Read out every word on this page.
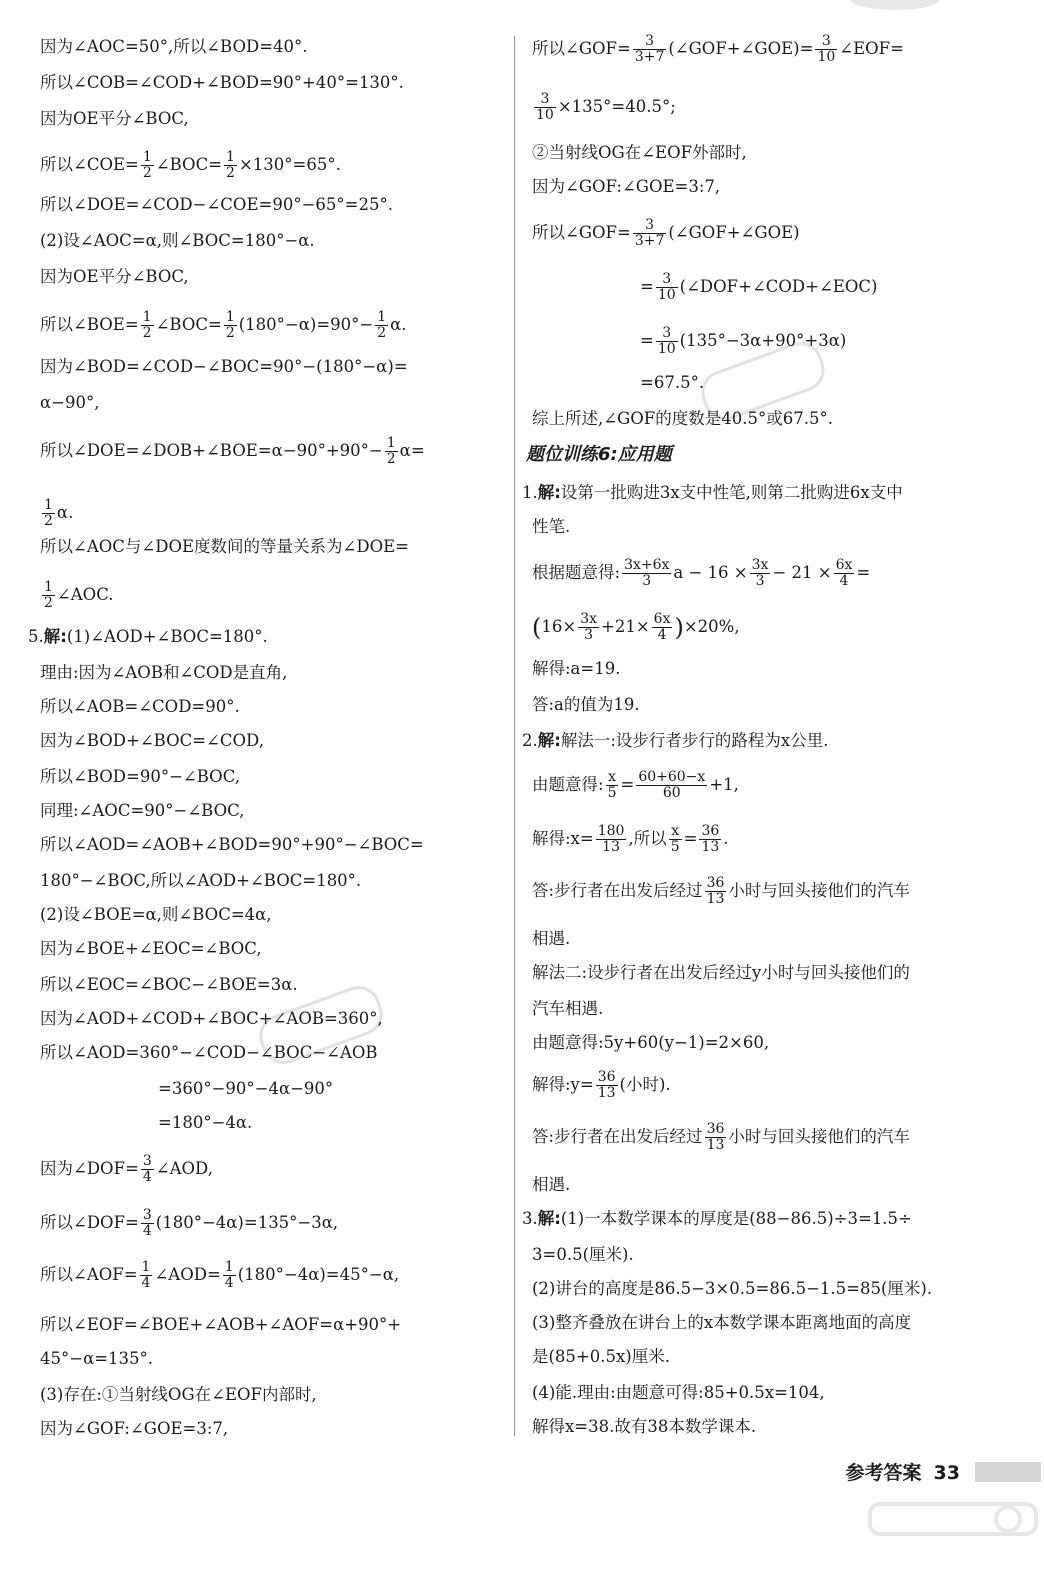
因为∠AOC=50°,所以∠BOD=40°.
所以∠COB=∠COD+∠BOD=90°+40°=130°.
因为OE平分∠BOC,
所以∠COE= $\frac{1}{2}$ ∠BOC= $\frac{1}{2} \times 130^\circ=65^\circ$.
所以∠DOE=∠COD−∠COE=90°−65°=25°.
(2)设∠AOC=α,则∠BOC=180°−α.
因为OE平分∠BOC,
所以∠BOE= $\frac{1}{2}$ ∠BOC= $\frac{1}{2} (180^\circ-\alpha)=90^\circ- \frac{1}{2} \alpha$.
因为∠BOD=∠COD−∠BOC=90°−(180°−α)=
α−90°,
所以∠DOE=∠DOB+∠BOE=α−90°+90°− $\frac{1}{2} \alpha=$
$\frac{1}{2} \alpha$.
所以∠AOC与∠DOE度数间的等量关系为∠DOE=
$\frac{1}{2}$ ∠AOC.
5.解:(1)∠AOD+∠BOC=180°.
理由:因为∠AOB和∠COD是直角,
所以∠AOB=∠COD=90°.
因为∠BOD+∠BOC=∠COD,
所以∠BOD=90°−∠BOC,
同理:∠AOC=90°−∠BOC,
所以∠AOD=∠AOB+∠BOD=90°+90°−∠BOC=
180°−∠BOC,所以∠AOD+∠BOC=180°.
(2)设∠BOE=α,则∠BOC=4α,
因为∠BOE+∠EOC=∠BOC,
所以∠EOC=∠BOC−∠BOE=3α.
因为∠AOD+∠COD+∠BOC+∠AOB=360°,
所以∠AOD=360°−∠COD−∠BOC−∠AOB
=360°−90°−4α−90°
=180°−4α.
因为∠DOF= $\frac{3}{4}$ ∠AOD,
所以∠DOF= $\frac{3}{4} (180^\circ-4\alpha)=135^\circ-3\alpha$,
所以∠AOF= $\frac{1}{4}$ ∠AOD= $\frac{1}{4} (180^\circ-4\alpha)=45^\circ-\alpha$,
所以∠EOF=∠BOE+∠AOB+∠AOF=α+90°+
45°−α=135°.
(3)存在:①当射线OG在∠EOF内部时,
因为∠GOF:∠GOE=3:7,
所以∠GOF= $\frac{3}{3+7}$ (∠GOF+∠GOE)= $\frac{3}{10}$ ∠EOF=
$\frac{3}{10} \times 135^\circ=40.5^\circ$;
②当射线OG在∠EOF外部时,
因为∠GOF:∠GOE=3:7,
所以∠GOF= $\frac{3}{3+7}$ (∠GOF+∠GOE)
= $\frac{3}{10}$ (∠DOF+∠COD+∠EOC)
= $\frac{3}{10} (135^\circ-3\alpha+90^\circ+3\alpha)$
=67.5°.
综上所述,∠GOF的度数是40.5°或67.5°.
题位训练6:应用题
1.解:设第一批购进3x支中性笔,则第二批购进6x支中
性笔.
根据题意得: $\frac{3x+6x}{3}$ $a - 16 \times \frac{3x}{3} - 21 \times \frac{6x}{4}$ =
$(16\times \frac{3x}{3} +21\times \frac{6x}{4} )\times 20\%$,
解得:a=19.
答:a的值为19.
2.解:解法一:设步行者步行的路程为x公里.
由题意得: $\frac{x}{5} = \frac{60+60-x}{60} +1$,
解得:x= $\frac{180}{13}$ ,所以 $\frac{x}{5} = \frac{36}{13}$ .
答:步行者在出发后经过 $\frac{36}{13}$ 小时与回头接他们的汽车
相遇.
解法二:设步行者在出发后经过y小时与回头接他们的
汽车相遇.
由题意得:5y+60(y−1)=2×60,
解得:y= $\frac{36}{13}$ (小时).
答:步行者在出发后经过 $\frac{36}{13}$ 小时与回头接他们的汽车
相遇.
3.解:(1)一本数学课本的厚度是(88−86.5)÷3=1.5÷
3=0.5(厘米).
(2)讲台的高度是86.5−3×0.5=86.5−1.5=85(厘米).
(3)整齐叠放在讲台上的x本数学课本距离地面的高度
是(85+0.5x)厘米.
(4)能.理由:由题意可得:85+0.5x=104,
解得x=38.故有38本数学课本.
参考答案 33
